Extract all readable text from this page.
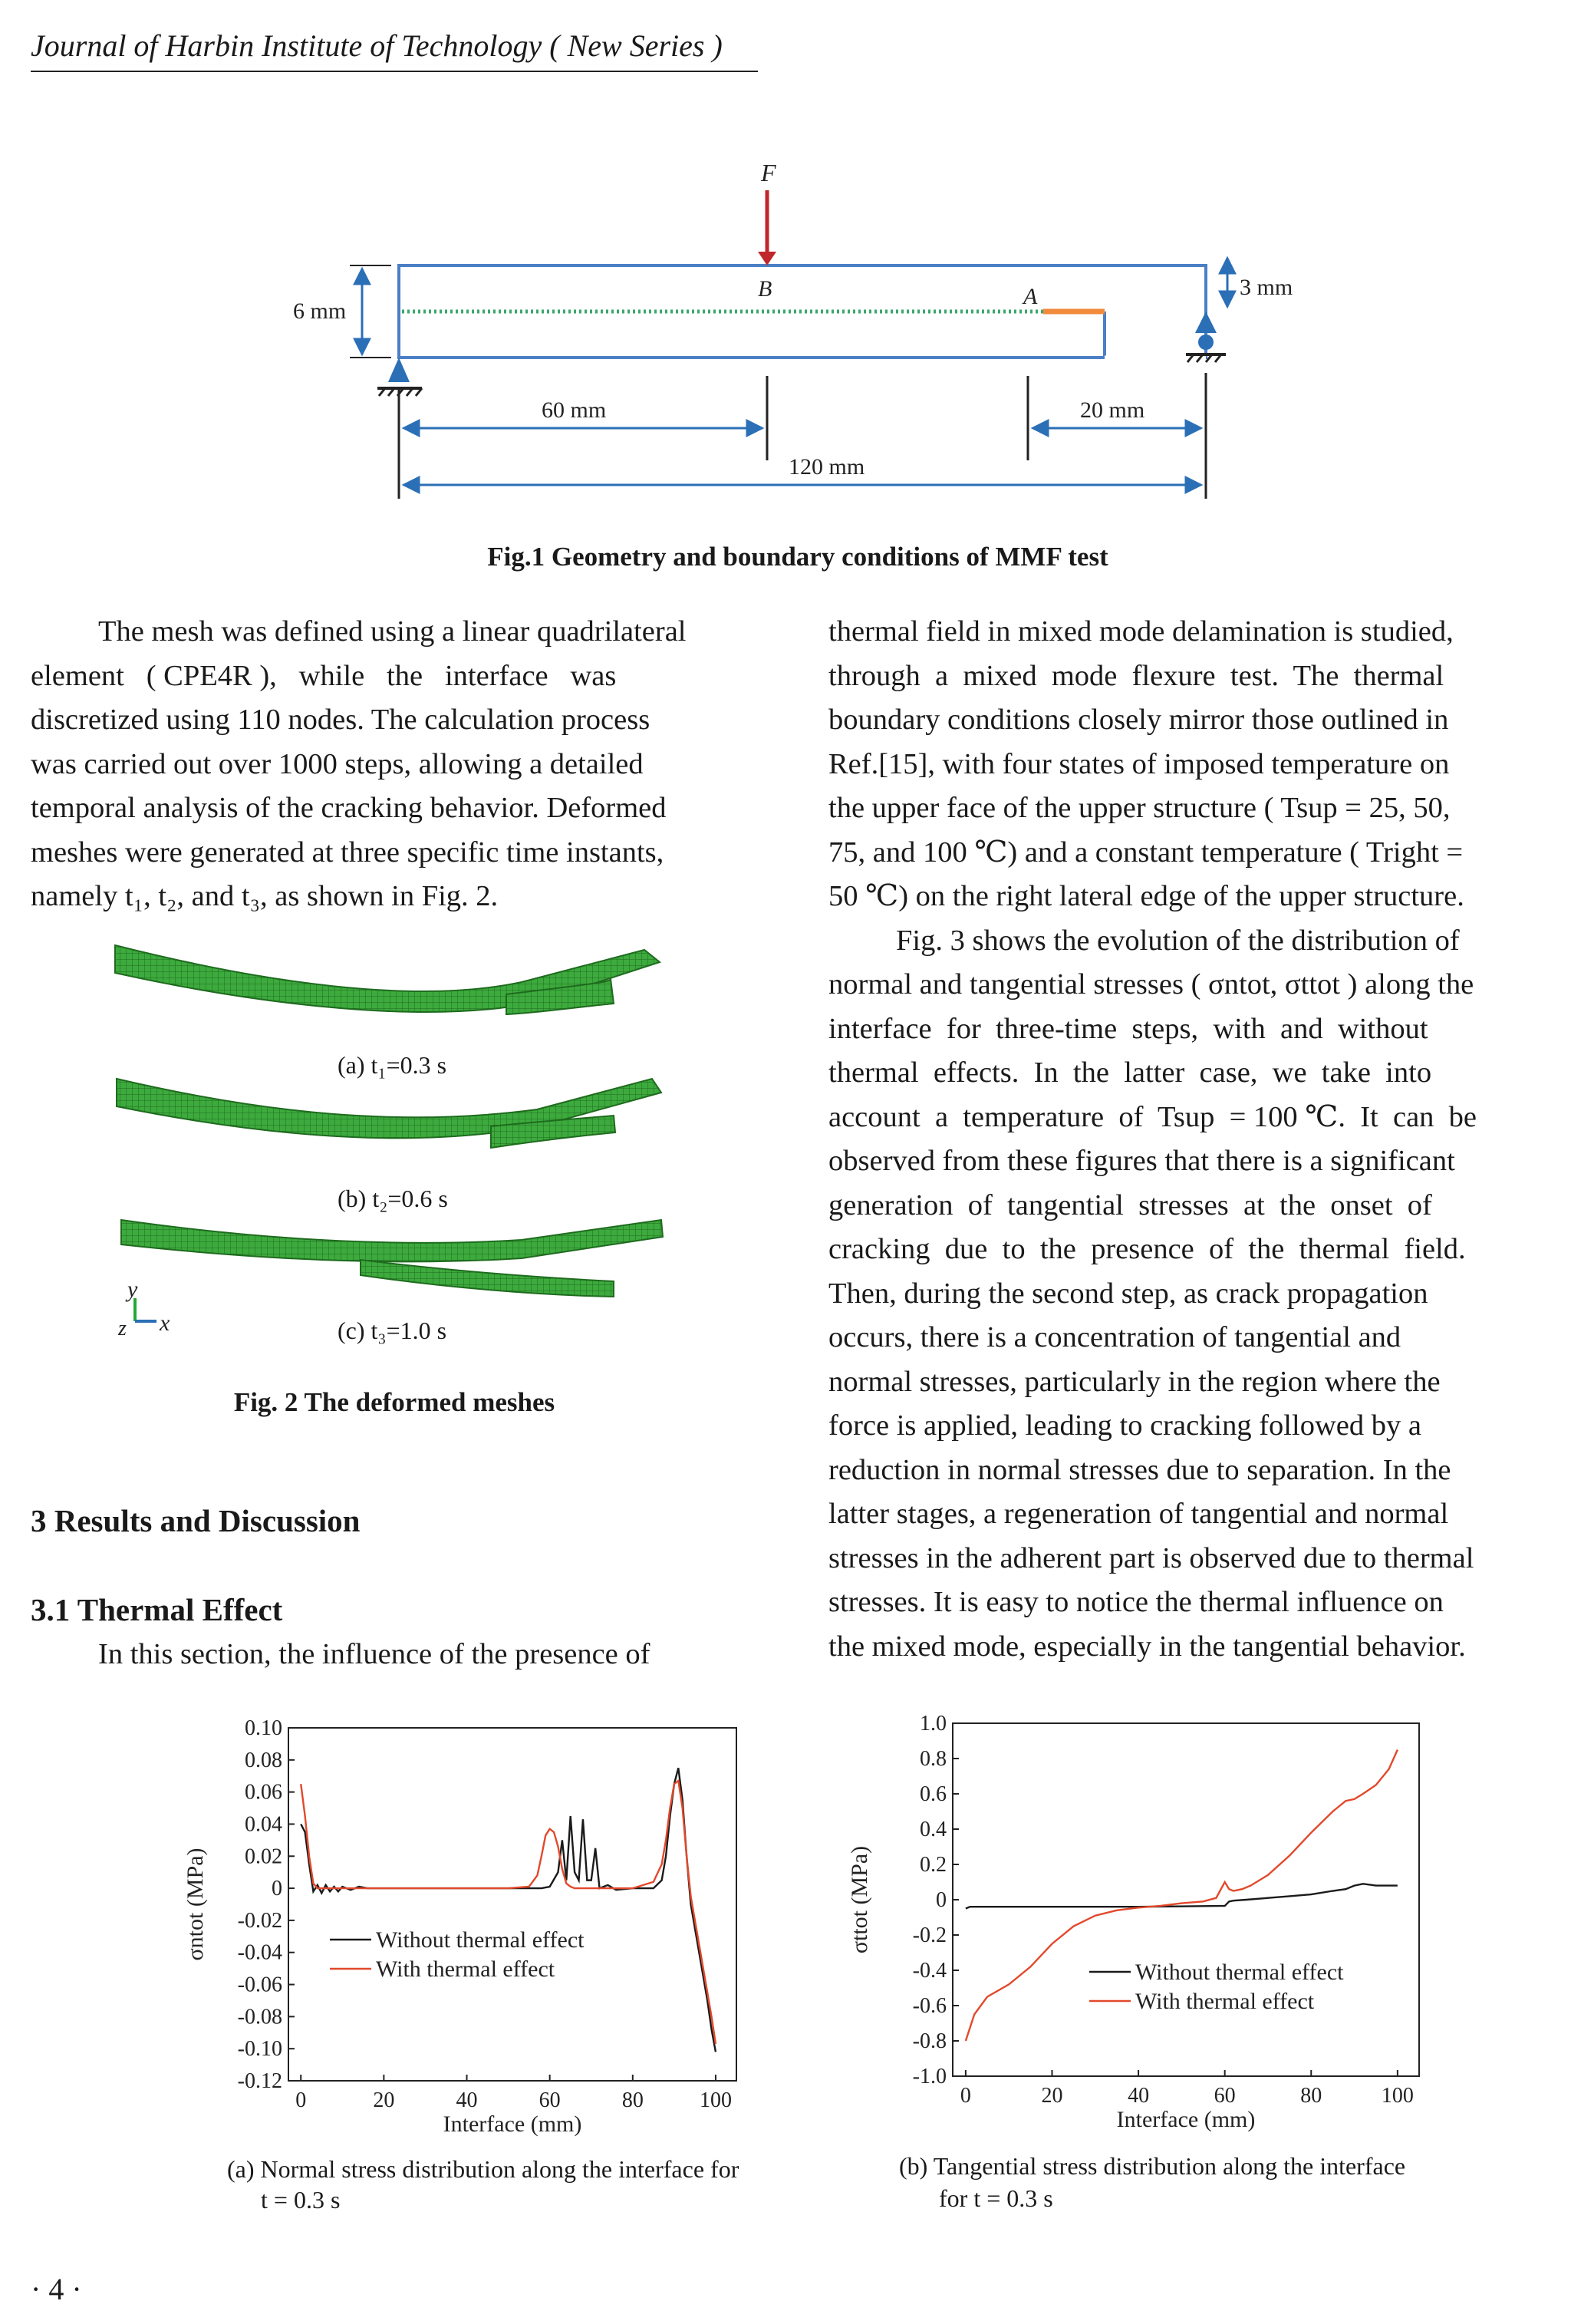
Journal of Harbin Institute of Technology ( New Series )
F
B	A
6 mm
3 mm
60 mm	20 mm
120 mm
Fig.1 Geometry and boundary conditions of MMF test

The mesh was defined using a linear quadrilateral

element   ( CPE4R ),   while   the   interface   was

discretized using 110 nodes. The calculation process

was carried out over 1000 steps, allowing a detailed

temporal analysis of the cracking behavior. Deformed

meshes were generated at three specific time instants,

namely t₁, t₂, and t₃, as shown in Fig. 2.

y
z x
(a) t₁=0.3 s
(b) t₂=0.6 s
(c) t₃=1.0 s
Fig. 2 The deformed meshes
3 Results and Discussion
3.1 Thermal Effect

In this section, the influence of the presence of

thermal field in mixed mode delamination is studied,

through  a  mixed  mode  flexure  test.  The  thermal

boundary conditions closely mirror those outlined in

Ref.[15], with four states of imposed temperature on

the upper face of the upper structure ( Tsup = 25, 50,

75, and 100 ℃) and a constant temperature ( Tright =

50 ℃) on the right lateral edge of the upper structure.

Fig. 3 shows the evolution of the distribution of

normal and tangential stresses ( σntot, σttot ) along the

interface  for  three-time  steps,  with  and  without

thermal  effects.  In  the  latter  case,  we  take  into

account  a  temperature  of  Tsup  = 100 ℃.  It  can  be

observed from these figures that there is a significant

generation  of  tangential  stresses  at  the  onset  of

cracking  due  to  the  presence  of  the  thermal  field.

Then, during the second step, as crack propagation

occurs, there is a concentration of tangential and

normal stresses, particularly in the region where the

force is applied, leading to cracking followed by a

reduction in normal stresses due to separation. In the

latter stages, a regeneration of tangential and normal

stresses in the adherent part is observed due to thermal

stresses. It is easy to notice the thermal influence on

the mixed mode, especially in the tangential behavior.

0	20	40	60	80	100
0.10
0.08
0.06
0.04
0.02
0
-0.02
-0.04
-0.06
-0.08
-0.10
-0.12
Interface (mm)
σntot (MPa)	Without thermal effect
With thermal effect
(a) Normal stress distribution along the interface for
t = 0.3 s
0	20	40	60	80	100
1.0
0.8
0.6
0.4
0.2
0
-0.2
-0.4
-0.6
-0.8
-1.0
Interface (mm)
σttot (MPa)
Without thermal effect
With thermal effect
(b) Tangential stress distribution along the interface
for t = 0.3 s
· 4 ·
